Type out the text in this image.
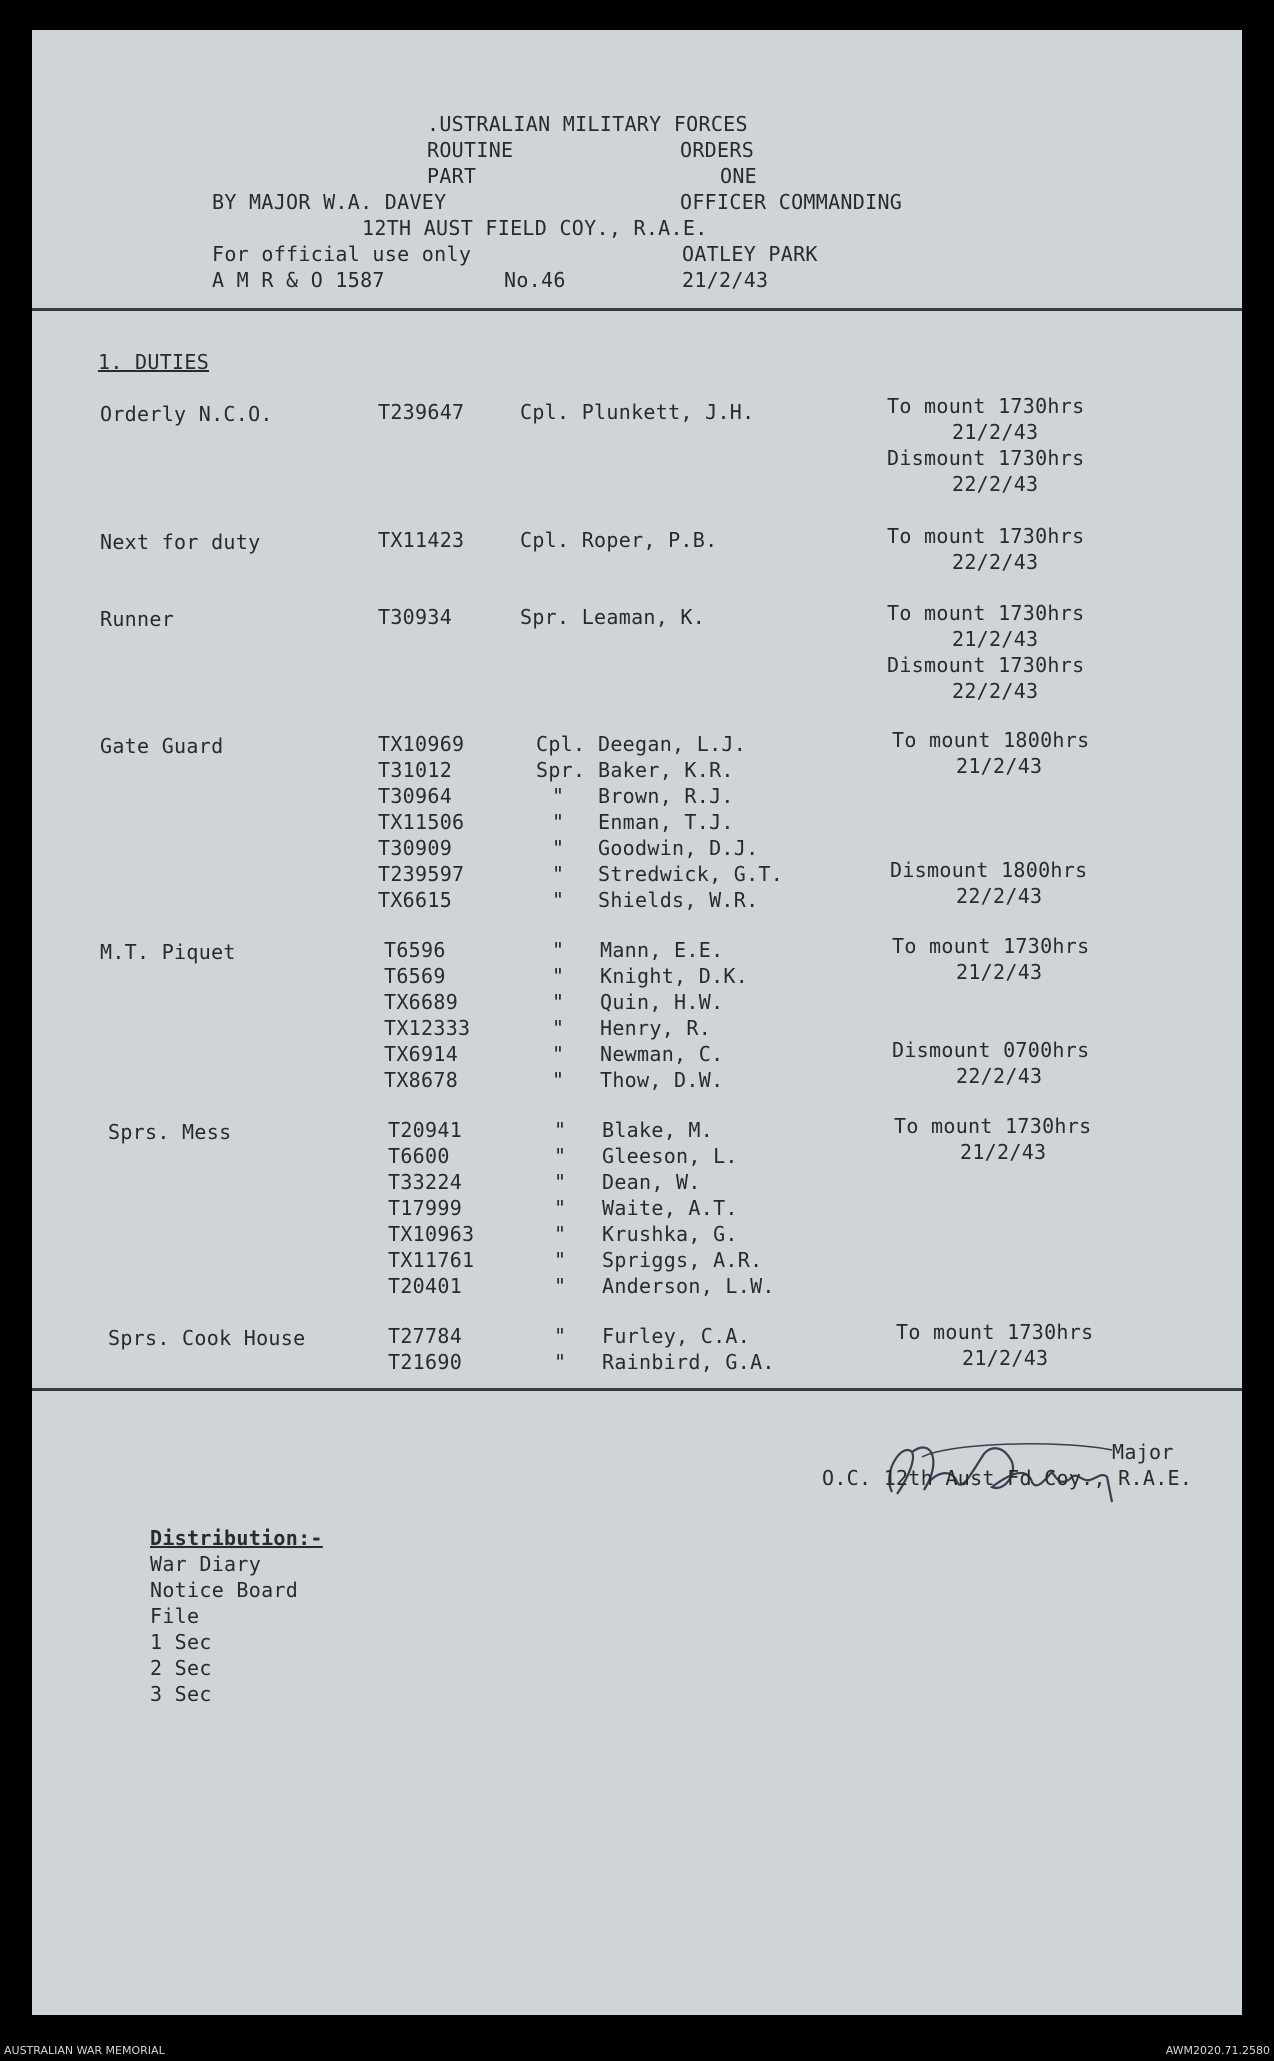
.USTRALIAN MILITARY FORCES
ROUTINE	ORDERS
PART	ONE
BY MAJOR W.A. DAVEY	OFFICER COMMANDING
12TH AUST FIELD COY., R.A.E.
For official use only	OATLEY PARK
A M R & O 1587	No.46	21/2/43
1. DUTIES
Orderly N.C.O.	T239647	Cpl. Plunkett, J.H.	To mount 1730hrs
21/2/43
Dismount 1730hrs
22/2/43
Next for duty	TX11423	Cpl. Roper, P.B.	To mount 1730hrs
22/2/43
Runner	T30934	Spr. Leaman, K.	To mount 1730hrs
21/2/43
Dismount 1730hrs
22/2/43
Gate Guard	TX10969	Cpl. Deegan, L.J.
T31012	Spr. Baker, K.R.
T30964	" Brown, R.J.
TX11506	" Enman, T.J.
T30909	" Goodwin, D.J.
T239597	" Stredwick, G.T.
TX6615	" Shields, W.R.
To mount 1800hrs
21/2/43
Dismount 1800hrs
22/2/43
M.T. Piquet	T6596	" Mann, E.E.
T6569	" Knight, D.K.
TX6689	" Quin, H.W.
TX12333	" Henry, R.
TX6914	" Newman, C.
TX8678	" Thow, D.W.
To mount 1730hrs
21/2/43
Dismount 0700hrs
22/2/43
Sprs. Mess	T20941	" Blake, M.
T6600	" Gleeson, L.
T33224	" Dean, W.
T17999	" Waite, A.T.
TX10963	" Krushka, G.
TX11761	" Spriggs, A.R.
T20401	" Anderson, L.W.
To mount 1730hrs
21/2/43
Sprs. Cook House	T27784	" Furley, C.A.
T21690	" Rainbird, G.A.
To mount 1730hrs
21/2/43
Major
O.C. 12th Aust Fd Coy., R.A.E.
Distribution:-
War Diary
Notice Board
File
1 Sec
2 Sec
3 Sec
AUSTRALIAN WAR MEMORIAL	AWM2020.71.2580
